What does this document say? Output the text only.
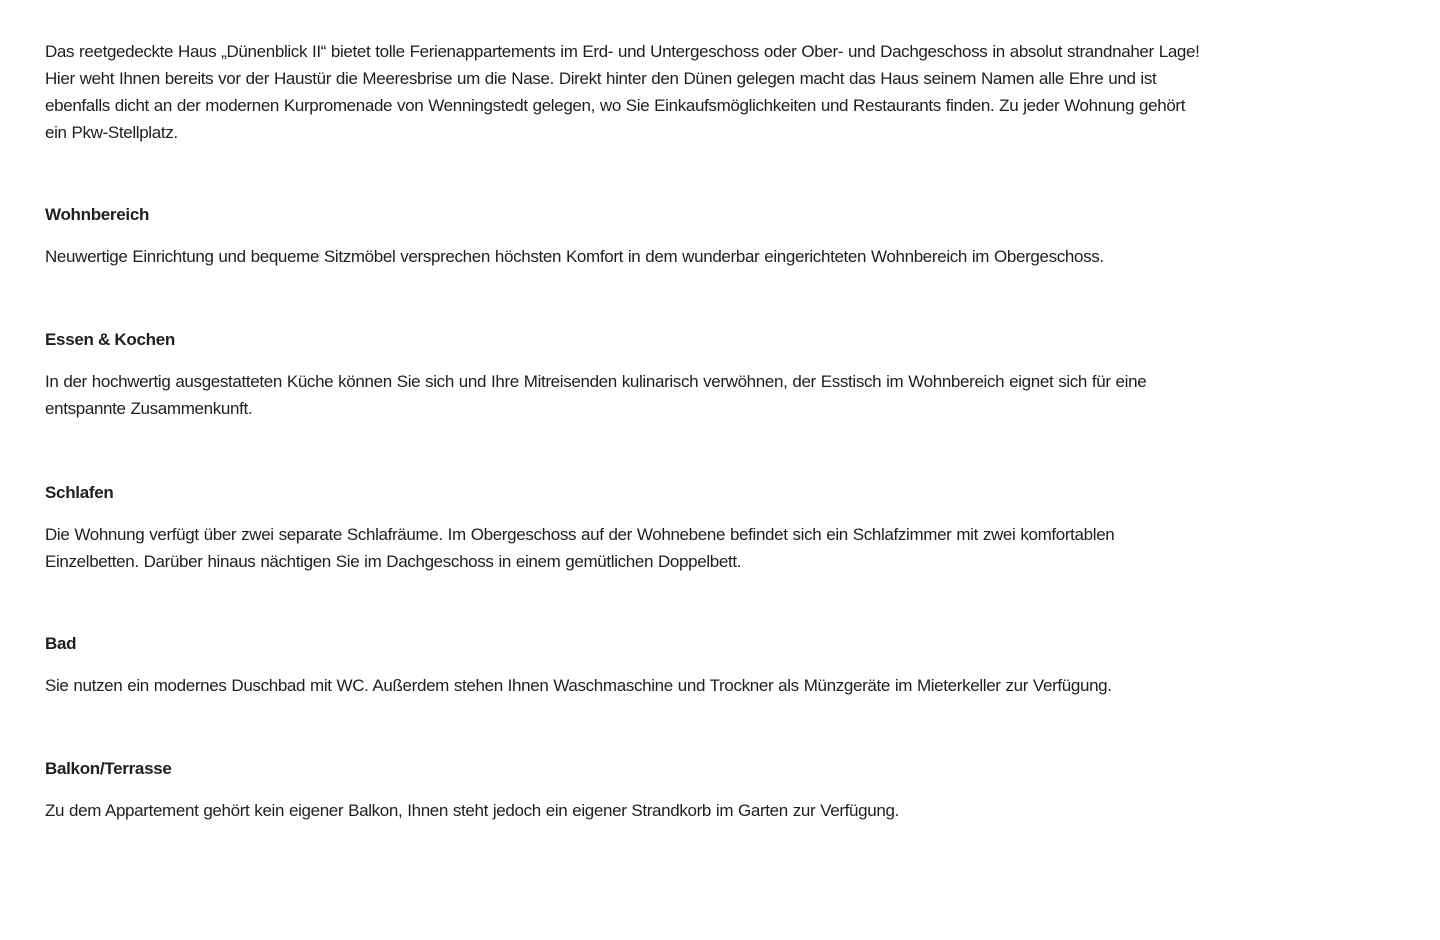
Das reetgedeckte Haus „Dünenblick II“ bietet tolle Ferienappartements im Erd- und Untergeschoss oder Ober- und Dachgeschoss in absolut strandnaher Lage!
Hier weht Ihnen bereits vor der Haustür die Meeresbrise um die Nase. Direkt hinter den Dünen gelegen macht das Haus seinem Namen alle Ehre und ist
ebenfalls dicht an der modernen Kurpromenade von Wenningstedt gelegen, wo Sie Einkaufsmöglichkeiten und Restaurants finden. Zu jeder Wohnung gehört
ein Pkw-Stellplatz.

Wohnbereich

Neuwertige Einrichtung und bequeme Sitzmöbel versprechen höchsten Komfort in dem wunderbar eingerichteten Wohnbereich im Obergeschoss.

Essen & Kochen

In der hochwertig ausgestatteten Küche können Sie sich und Ihre Mitreisenden kulinarisch verwöhnen, der Esstisch im Wohnbereich eignet sich für eine
entspannte Zusammenkunft.

Schlafen

Die Wohnung verfügt über zwei separate Schlafräume. Im Obergeschoss auf der Wohnebene befindet sich ein Schlafzimmer mit zwei komfortablen
Einzelbetten. Darüber hinaus nächtigen Sie im Dachgeschoss in einem gemütlichen Doppelbett.

Bad

Sie nutzen ein modernes Duschbad mit WC. Außerdem stehen Ihnen Waschmaschine und Trockner als Münzgeräte im Mieterkeller zur Verfügung.

Balkon/Terrasse

Zu dem Appartement gehört kein eigener Balkon, Ihnen steht jedoch ein eigener Strandkorb im Garten zur Verfügung.
